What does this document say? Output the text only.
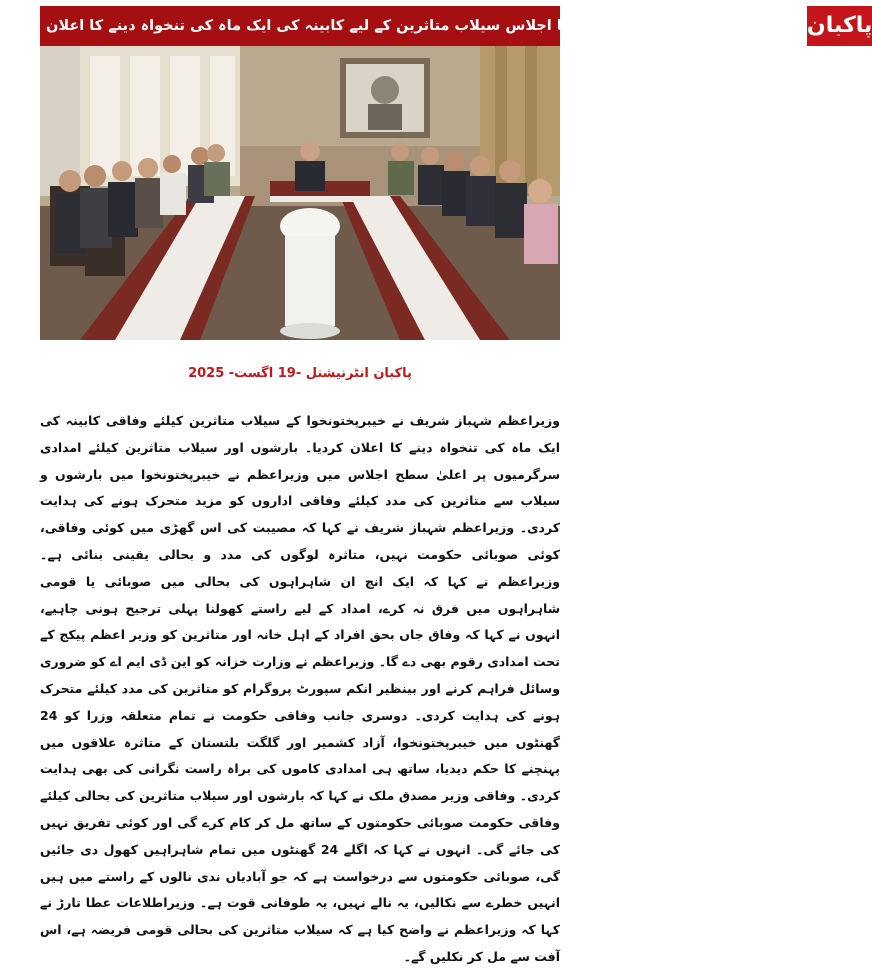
وزیراعظم کی زیرصدارت کابینہ کا اجلاس سیلاب متاثرین کے لیے کابینہ کی ایک ماہ کی تنخواہ دینے کا اعلان پاکبان
پاکبان انٹرنیشنل -19 اگست- 2025
وزیراعظم شہباز شریف نے خیبرپختونخوا کے سیلاب متاثرین کیلئے وفاقی کابینہ کی ایک ماہ کی تنخواہ دینے کا اعلان کردیا۔ بارشوں اور سیلاب متاثرین کیلئے امدادی سرگرمیوں پر اعلیٰ سطح اجلاس میں وزیراعظم نے خیبرپختونخوا میں بارشوں و سیلاب سے متاثرین کی مدد کیلئے وفاقی اداروں کو مزید متحرک ہونے کی ہدایت کردی۔ وزیراعظم شہباز شریف نے کہا کہ مصیبت کی اس گھڑی میں کوئی وفاقی، کوئی صوبائی حکومت نہیں، متاثرہ لوگوں کی مدد و بحالی یقینی بنائی ہے۔ وزیراعظم نے کہا کہ ایک انچ ان شاہراہوں کی بحالی میں صوبائی یا قومی شاہراہوں میں فرق نہ کرے، امداد کے لیے راستے کھولنا پہلی ترجیح ہونی چاہیے، انہوں نے کہا کہ وفاق جاں بحق افراد کے اہل خانہ اور متاثرین کو وزیر اعظم پیکج کے تحت امدادی رقوم بھی دے گا۔ وزیراعظم نے وزارت خزانہ کو این ڈی ایم اے کو ضروری وسائل فراہم کرنے اور بینظیر انکم سپورٹ پروگرام کو متاثرین کی مدد کیلئے متحرک ہونے کی ہدایت کردی۔ دوسری جانب وفاقی حکومت نے تمام متعلقہ وزرا کو 24 گھنٹوں میں خیبرپختونخوا، آزاد کشمیر اور گلگت بلتستان کے متاثرہ علاقوں میں پہنچنے کا حکم دیدیا، ساتھ ہی امدادی کاموں کی براہ راست نگرانی کی بھی ہدایت کردی۔ وفاقی وزیر مصدق ملک نے کہا کہ بارشوں اور سیلاب متاثرین کی بحالی کیلئے وفاقی حکومت صوبائی حکومتوں کے ساتھ مل کر کام کرے گی اور کوئی تفریق نہیں کی جائے گی۔ انہوں نے کہا کہ اگلے 24 گھنٹوں میں تمام شاہراہیں کھول دی جائیں گی، صوبائی حکومتوں سے درخواست ہے کہ جو آبادیاں ندی نالوں کے راستے میں ہیں انہیں خطرے سے نکالیں، یہ نالے نہیں، یہ طوفانی قوت ہے۔ وزیراطلاعات عطا تارڑ نے کہا کہ وزیراعظم نے واضح کیا ہے کہ سیلاب متاثرین کی بحالی قومی فریضہ ہے، اس آفت سے مل کر نکلیں گے۔
